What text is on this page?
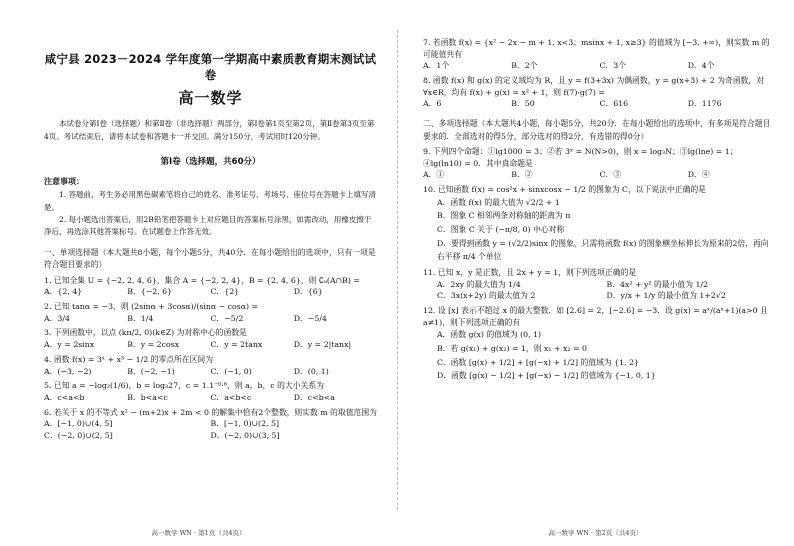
咸宁县 2023－2024 学年度第一学期高中素质教育期末测试试卷
高一数学
本试卷分第Ⅰ卷（选择题）和第Ⅱ卷（非选择题）两部分，第Ⅰ卷第1页至第2页，第Ⅱ卷第3页至第4页。考试结束后，请将本试卷和答题卡一并交回。满分150分，考试用时120分钟。
第Ⅰ卷（选择题，共60分）
注意事项：
1. 答题前，考生务必用黑色碳素笔将自己的姓名、准考证号、考场号、座位号在答题卡上填写清楚。
2. 每小题选出答案后，用2B铅笔把答题卡上对应题目的答案标号涂黑，如需改动，用橡皮擦干净后，再选涂其他答案标号。在试题卷上作答无效。
一、单项选择题（本大题共8小题，每个小题5分，共40分．在每小题给出的选项中，只有一项是符合题目要求的）
1. 已知全集 U = {−2, 2, 4, 6}，集合 A = {−2, 2, 4}，B = {2, 4, 6}，则 ∁ᵤ(A∩B) =
A．{2, 4}	B．{−2, 6}	C．{2}	D．{6}
2. 已知 tanα = −3，则 (2sinα + 3cosα)/(sinα − cosα) =
A．3/4	B．1/4	C．−5/2	D．−5/4
3. 下列函数中，以点 (kπ/2, 0)(k∈Z) 为对称中心的函数是
A．y = 2sinx	B．y = 2cosx	C．y = 2tanx	D．y = 2|tanx|
4. 函数 f(x) = 3ˣ + x³ − 1/2 的零点所在区间为
A．(−3, −2)	B．(−2, −1)	C．(−1, 0)	D．(0, 1)
5. 已知 a = −log₂(1/6)，b = log₃27，c = 1.1⁻⁰·⁶，则 a，b，c 的大小关系为
A．c<a<b	B．b<a<c	C．a<b<c	D．c<b<a
6. 若关于 x 的不等式 x² − (m+2)x + 2m < 0 的解集中恰有2个整数，则实数 m 的取值范围为
A．[−1, 0)∪(4, 5]	B．[−1, 0)∪(2, 5]
C．(−2, 0)∪(2, 5]	D．(−2, 0)∪(3, 5]
高一数学 WN · 第1页（共4页）
7. 若函数 f(x) = {x² − 2x − m + 1, x<3；msinx + 1, x≥3} 的值域为 [−3, +∞)，则实数 m 的可能值共有
A．1个	B．2个	C．3个	D．4个
8. 函数 f(x) 和 g(x) 的定义域均为 R，且 y = f(3+3x) 为偶函数，y = g(x+3) + 2 为奇函数，对 ∀x∈R，均有 f(x) + g(x) = x² + 1，则 f(7)·g(7) =
A．6	B．50	C．616	D．1176
二、多项选择题（本大题共4小题，每小题5分，共20分．在每小题给出的选项中，有多项是符合题目要求的．全部选对的得5分，部分选对的得2分，有选错的得0分）
9. 下列四个命题：①lg1000 = 3；②若 3ˣ = N(N>0)，则 x = log₃N；③lg(lne) = 1；④lg(ln10) = 0．其中真命题是
A．①	B．②	C．③	D．④
10. 已知函数 f(x) = cos²x + sinxcosx − 1/2 的图象为 C，以下说法中正确的是
A．函数 f(x) 的最大值为 √2/2 + 1
B．图象 C 相邻两条对称轴的距离为 π
C．图象 C 关于 (−π/8, 0) 中心对称
D．要得到函数 y = (√2/2)sinx 的图象，只需将函数 f(x) 的图象横坐标伸长为原来的2倍，再向右平移 π/4 个单位
11. 已知 x，y 是正数，且 2x + y = 1，则下列选项正确的是
A．2xy 的最大值为 1/4	B．4x² + y² 的最小值为 1/2
C．3x(x+2y) 的最大值为 2	D．y/x + 1/y 的最小值为 1+2√2
12. 设 [x] 表示不超过 x 的最大整数．如 [2.6] = 2，[−2.6] = −3．设 g(x) = aˣ/(aˣ+1)(a>0 且 a≠1)，则下列选项正确的有
A．函数 g(x) 的值域为 (0, 1)
B．若 g(x₁) + g(x₂) = 1，则 x₁ + x₂ = 0
C．函数 [g(x) + 1/2] + [g(−x) + 1/2] 的值域为 {1, 2}
D．函数 [g(x) − 1/2] + [g(−x) − 1/2] 的值域为 {−1, 0, 1}
高一数学 WN · 第2页（共4页）
